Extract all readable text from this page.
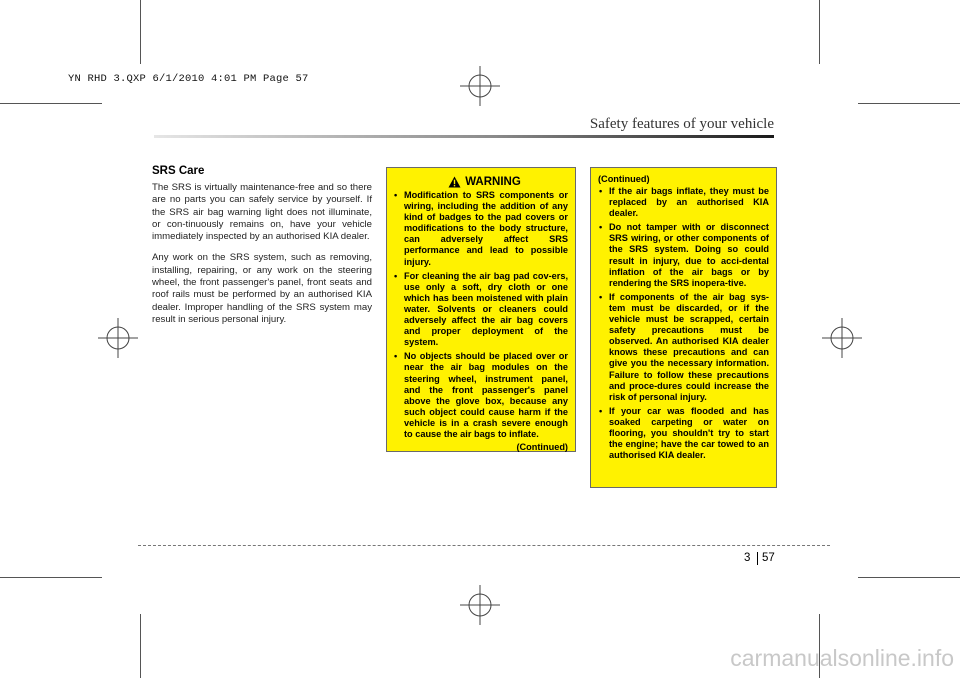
YN RHD 3.QXP 6/1/2010 4:01 PM Page 57
Safety features of your vehicle
SRS Care

The SRS is virtually maintenance-free and so there are no parts you can safely service by yourself. If the SRS air bag warning light does not illuminate, or con-tinuously remains on, have your vehicle immediately inspected by an authorised KIA dealer.

Any work on the SRS system, such as removing, installing, repairing, or any work on the steering wheel, the front passenger's panel, front seats and roof rails must be performed by an authorised KIA dealer. Improper handling of the SRS system may result in serious personal injury.

WARNING
• Modification to SRS components or wiring, including the addition of any kind of badges to the pad covers or modifications to the body structure, can adversely affect SRS performance and lead to possible injury.
• For cleaning the air bag pad cov-ers, use only a soft, dry cloth or one which has been moistened with plain water. Solvents or cleaners could adversely affect the air bag covers and proper deployment of the system.
• No objects should be placed over or near the air bag modules on the steering wheel, instrument panel, and the front passenger's panel above the glove box, because any such object could cause harm if the vehicle is in a crash severe enough to cause the air bags to inflate.
(Continued)
(Continued)
• If the air bags inflate, they must be replaced by an authorised KIA dealer.
• Do not tamper with or disconnect SRS wiring, or other components of the SRS system. Doing so could result in injury, due to acci-dental inflation of the air bags or by rendering the SRS inopera-tive.
• If components of the air bag sys-tem must be discarded, or if the vehicle must be scrapped, certain safety precautions must be observed. An authorised KIA dealer knows these precautions and can give you the necessary information. Failure to follow these precautions and proce-dures could increase the risk of personal injury.
• If your car was flooded and has soaked carpeting or water on flooring, you shouldn't try to start the engine; have the car towed to an authorised KIA dealer.
3 57
carmanualsonline.info
